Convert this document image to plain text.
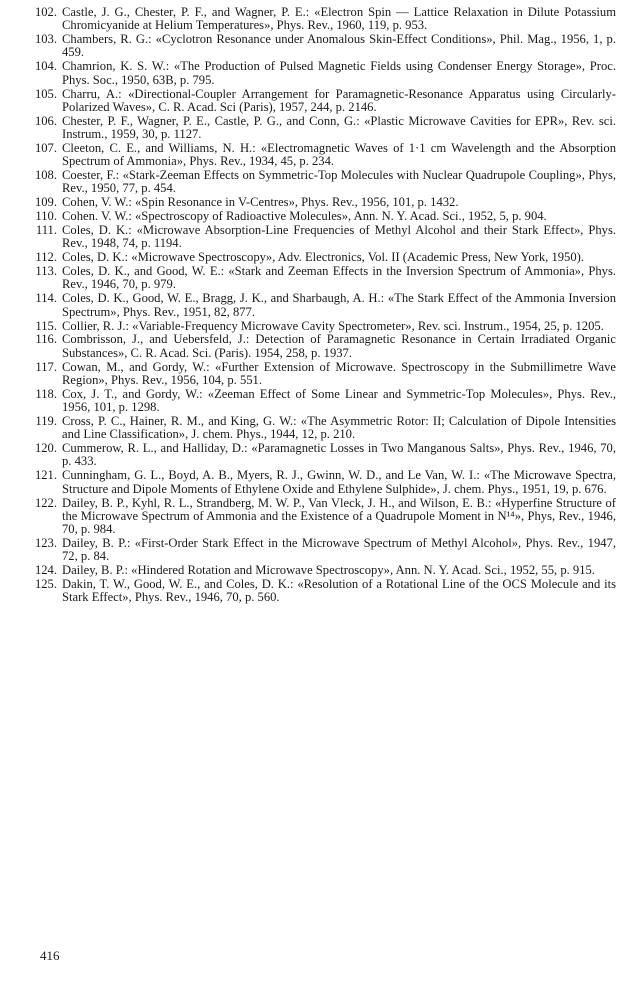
102. Castle, J. G., Chester, P. F., and Wagner, P. E.: «Electron Spin — Lattice Relaxation in Dilute Potassium Chromicyanide at Helium Temperatures», Phys. Rev., 1960, 119, p. 953.
103. Chambers, R. G.: «Cyclotron Resonance under Anomalous Skin-Effect Conditions», Phil. Mag., 1956, 1, p. 459.
104. Chamrion, K. S. W.: «The Production of Pulsed Magnetic Fields using Condenser Energy Storage», Proc. Phys. Soc., 1950, 63B, p. 795.
105. Charru, A.: «Directional-Coupler Arrangement for Paramagnetic-Resonance Apparatus using Circularly-Polarized Waves», C. R. Acad. Sci (Paris), 1957, 244, p. 2146.
106. Chester, P. F., Wagner, P. E., Castle, P. G., and Conn, G.: «Plastic Microwave Cavities for EPR», Rev. sci. Instrum., 1959, 30, p. 1127.
107. Cleeton, C. E., and Williams, N. H.: «Electromagnetic Waves of 1·1 cm Wavelength and the Absorption Spectrum of Ammonia», Phys. Rev., 1934, 45, p. 234.
108. Coester, F.: «Stark-Zeeman Effects on Symmetric-Top Molecules with Nuclear Quadrupole Coupling», Phys, Rev., 1950, 77, p. 454.
109. Cohen, V. W.: «Spin Resonance in V-Centres», Phys. Rev., 1956, 101, p. 1432.
110. Cohen. V. W.: «Spectroscopy of Radioactive Molecules», Ann. N. Y. Acad. Sci., 1952, 5, p. 904.
111. Coles, D. K.: «Microwave Absorption-Line Frequencies of Methyl Alcohol and their Stark Effect», Phys. Rev., 1948, 74, p. 1194.
112. Coles, D. K.: «Microwave Spectroscopy», Adv. Electronics, Vol. II (Academic Press, New York, 1950).
113. Coles, D. K., and Good, W. E.: «Stark and Zeeman Effects in the Inversion Spectrum of Ammonia», Phys. Rev., 1946, 70, p. 979.
114. Coles, D. K., Good, W. E., Bragg, J. K., and Sharbaugh, A. H.: «The Stark Effect of the Ammonia Inversion Spectrum», Phys. Rev., 1951, 82, 877.
115. Collier, R. J.: «Variable-Frequency Microwave Cavity Spectrometer», Rev. sci. Instrum., 1954, 25, p. 1205.
116. Combrisson, J., and Uebersfeld, J.: Detection of Paramagnetic Resonance in Certain Irradiated Organic Substances», C. R. Acad. Sci. (Paris). 1954, 258, p. 1937.
117. Cowan, M., and Gordy, W.: «Further Extension of Microwave. Spectroscopy in the Submillimetre Wave Region», Phys. Rev., 1956, 104, p. 551.
118. Cox, J. T., and Gordy, W.: «Zeeman Effect of Some Linear and Symmetric-Top Molecules», Phys. Rev., 1956, 101, p. 1298.
119. Cross, P. C., Hainer, R. M., and King, G. W.: «The Asymmetric Rotor: II; Calculation of Dipole Intensities and Line Classification», J. chem. Phys., 1944, 12, p. 210.
120. Cummerow, R. L., and Halliday, D.: «Paramagnetic Losses in Two Manganous Salts», Phys. Rev., 1946, 70, p. 433.
121. Cunningham, G. L., Boyd, A. B., Myers, R. J., Gwinn, W. D., and Le Van, W. I.: «The Microwave Spectra, Structure and Dipole Moments of Ethylene Oxide and Ethylene Sulphide», J. chem. Phys., 1951, 19, p. 676.
122. Dailey, B. P., Kyhl, R. L., Strandberg, M. W. P., Van Vleck, J. H., and Wilson, E. B.: «Hyperfine Structure of the Microwave Spectrum of Ammonia and the Existence of a Quadrupole Moment in N¹⁴», Phys, Rev., 1946, 70, p. 984.
123. Dailey, B. P.: «First-Order Stark Effect in the Microwave Spectrum of Methyl Alcohol», Phys. Rev., 1947, 72, p. 84.
124. Dailey, B. P.: «Hindered Rotation and Microwave Spectroscopy», Ann. N. Y. Acad. Sci., 1952, 55, p. 915.
125. Dakin, T. W., Good, W. E., and Coles, D. K.: «Resolution of a Rotational Line of the OCS Molecule and its Stark Effect», Phys. Rev., 1946, 70, p. 560.
416
